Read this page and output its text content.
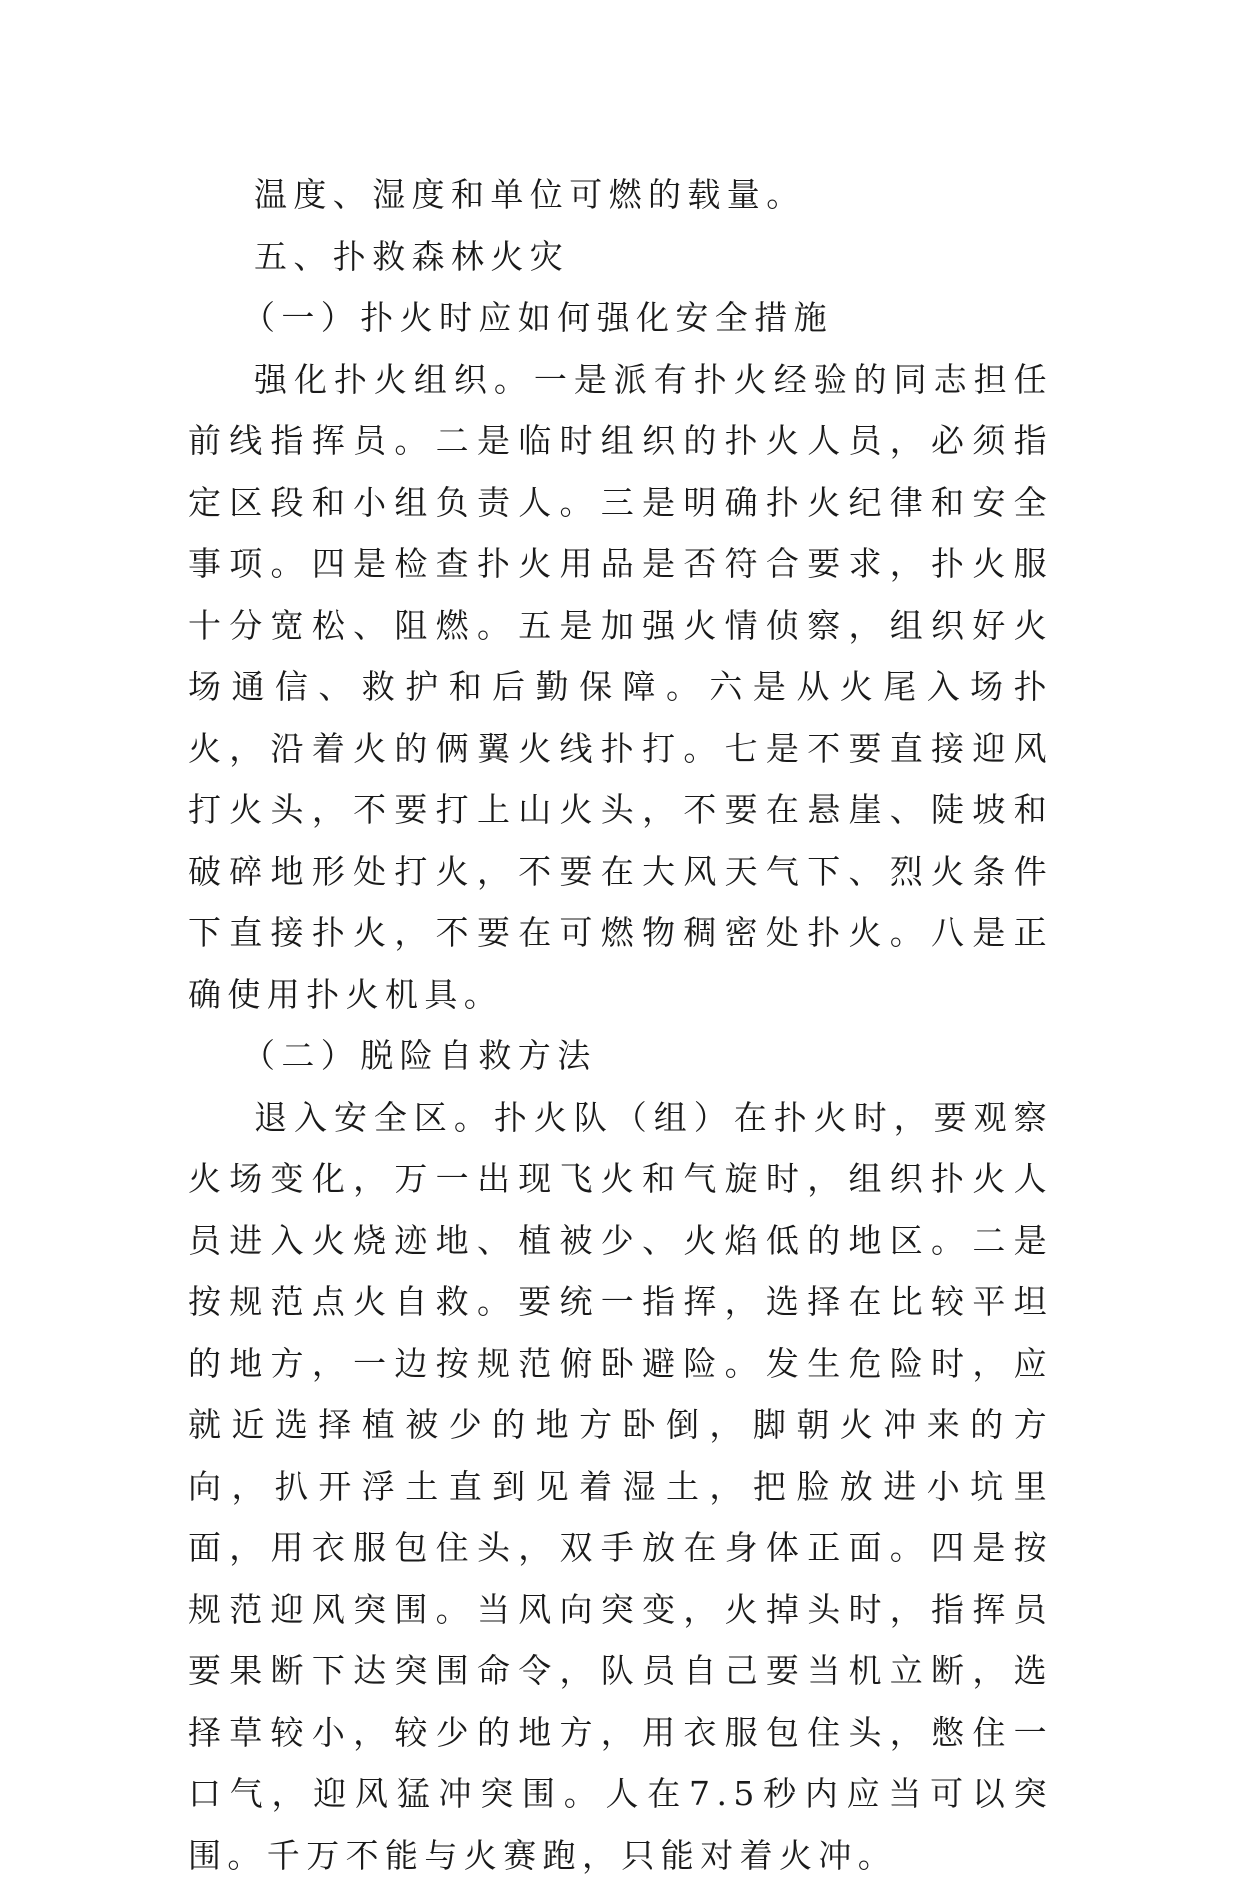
温度、湿度和单位可燃的载量。

五、扑救森林火灾

（一）扑火时应如何强化安全措施

强化扑火组织。一是派有扑火经验的同志担任前线指挥员。二是临时组织的扑火人员，必须指定区段和小组负责人。三是明确扑火纪律和安全事项。四是检查扑火用品是否符合要求，扑火服十分宽松、阻燃。五是加强火情侦察，组织好火场通信、救护和后勤保障。六是从火尾入场扑火，沿着火的俩翼火线扑打。七是不要直接迎风打火头，不要打上山火头，不要在悬崖、陡坡和破碎地形处打火，不要在大风天气下、烈火条件下直接扑火，不要在可燃物稠密处扑火。八是正确使用扑火机具。

（二）脱险自救方法

退入安全区。扑火队（组）在扑火时，要观察火场变化，万一出现飞火和气旋时，组织扑火人员进入火烧迹地、植被少、火焰低的地区。二是按规范点火自救。要统一指挥，选择在比较平坦的地方，一边按规范俯卧避险。发生危险时，应就近选择植被少的地方卧倒，脚朝火冲来的方向，扒开浮土直到见着湿土，把脸放进小坑里面，用衣服包住头，双手放在身体正面。四是按规范迎风突围。当风向突变，火掉头时，指挥员要果断下达突围命令，队员自己要当机立断，选择草较小，较少的地方，用衣服包住头，憋住一口气，迎风猛冲突围。人在7.5秒内应当可以突围。千万不能与火赛跑，只能对着火冲。
